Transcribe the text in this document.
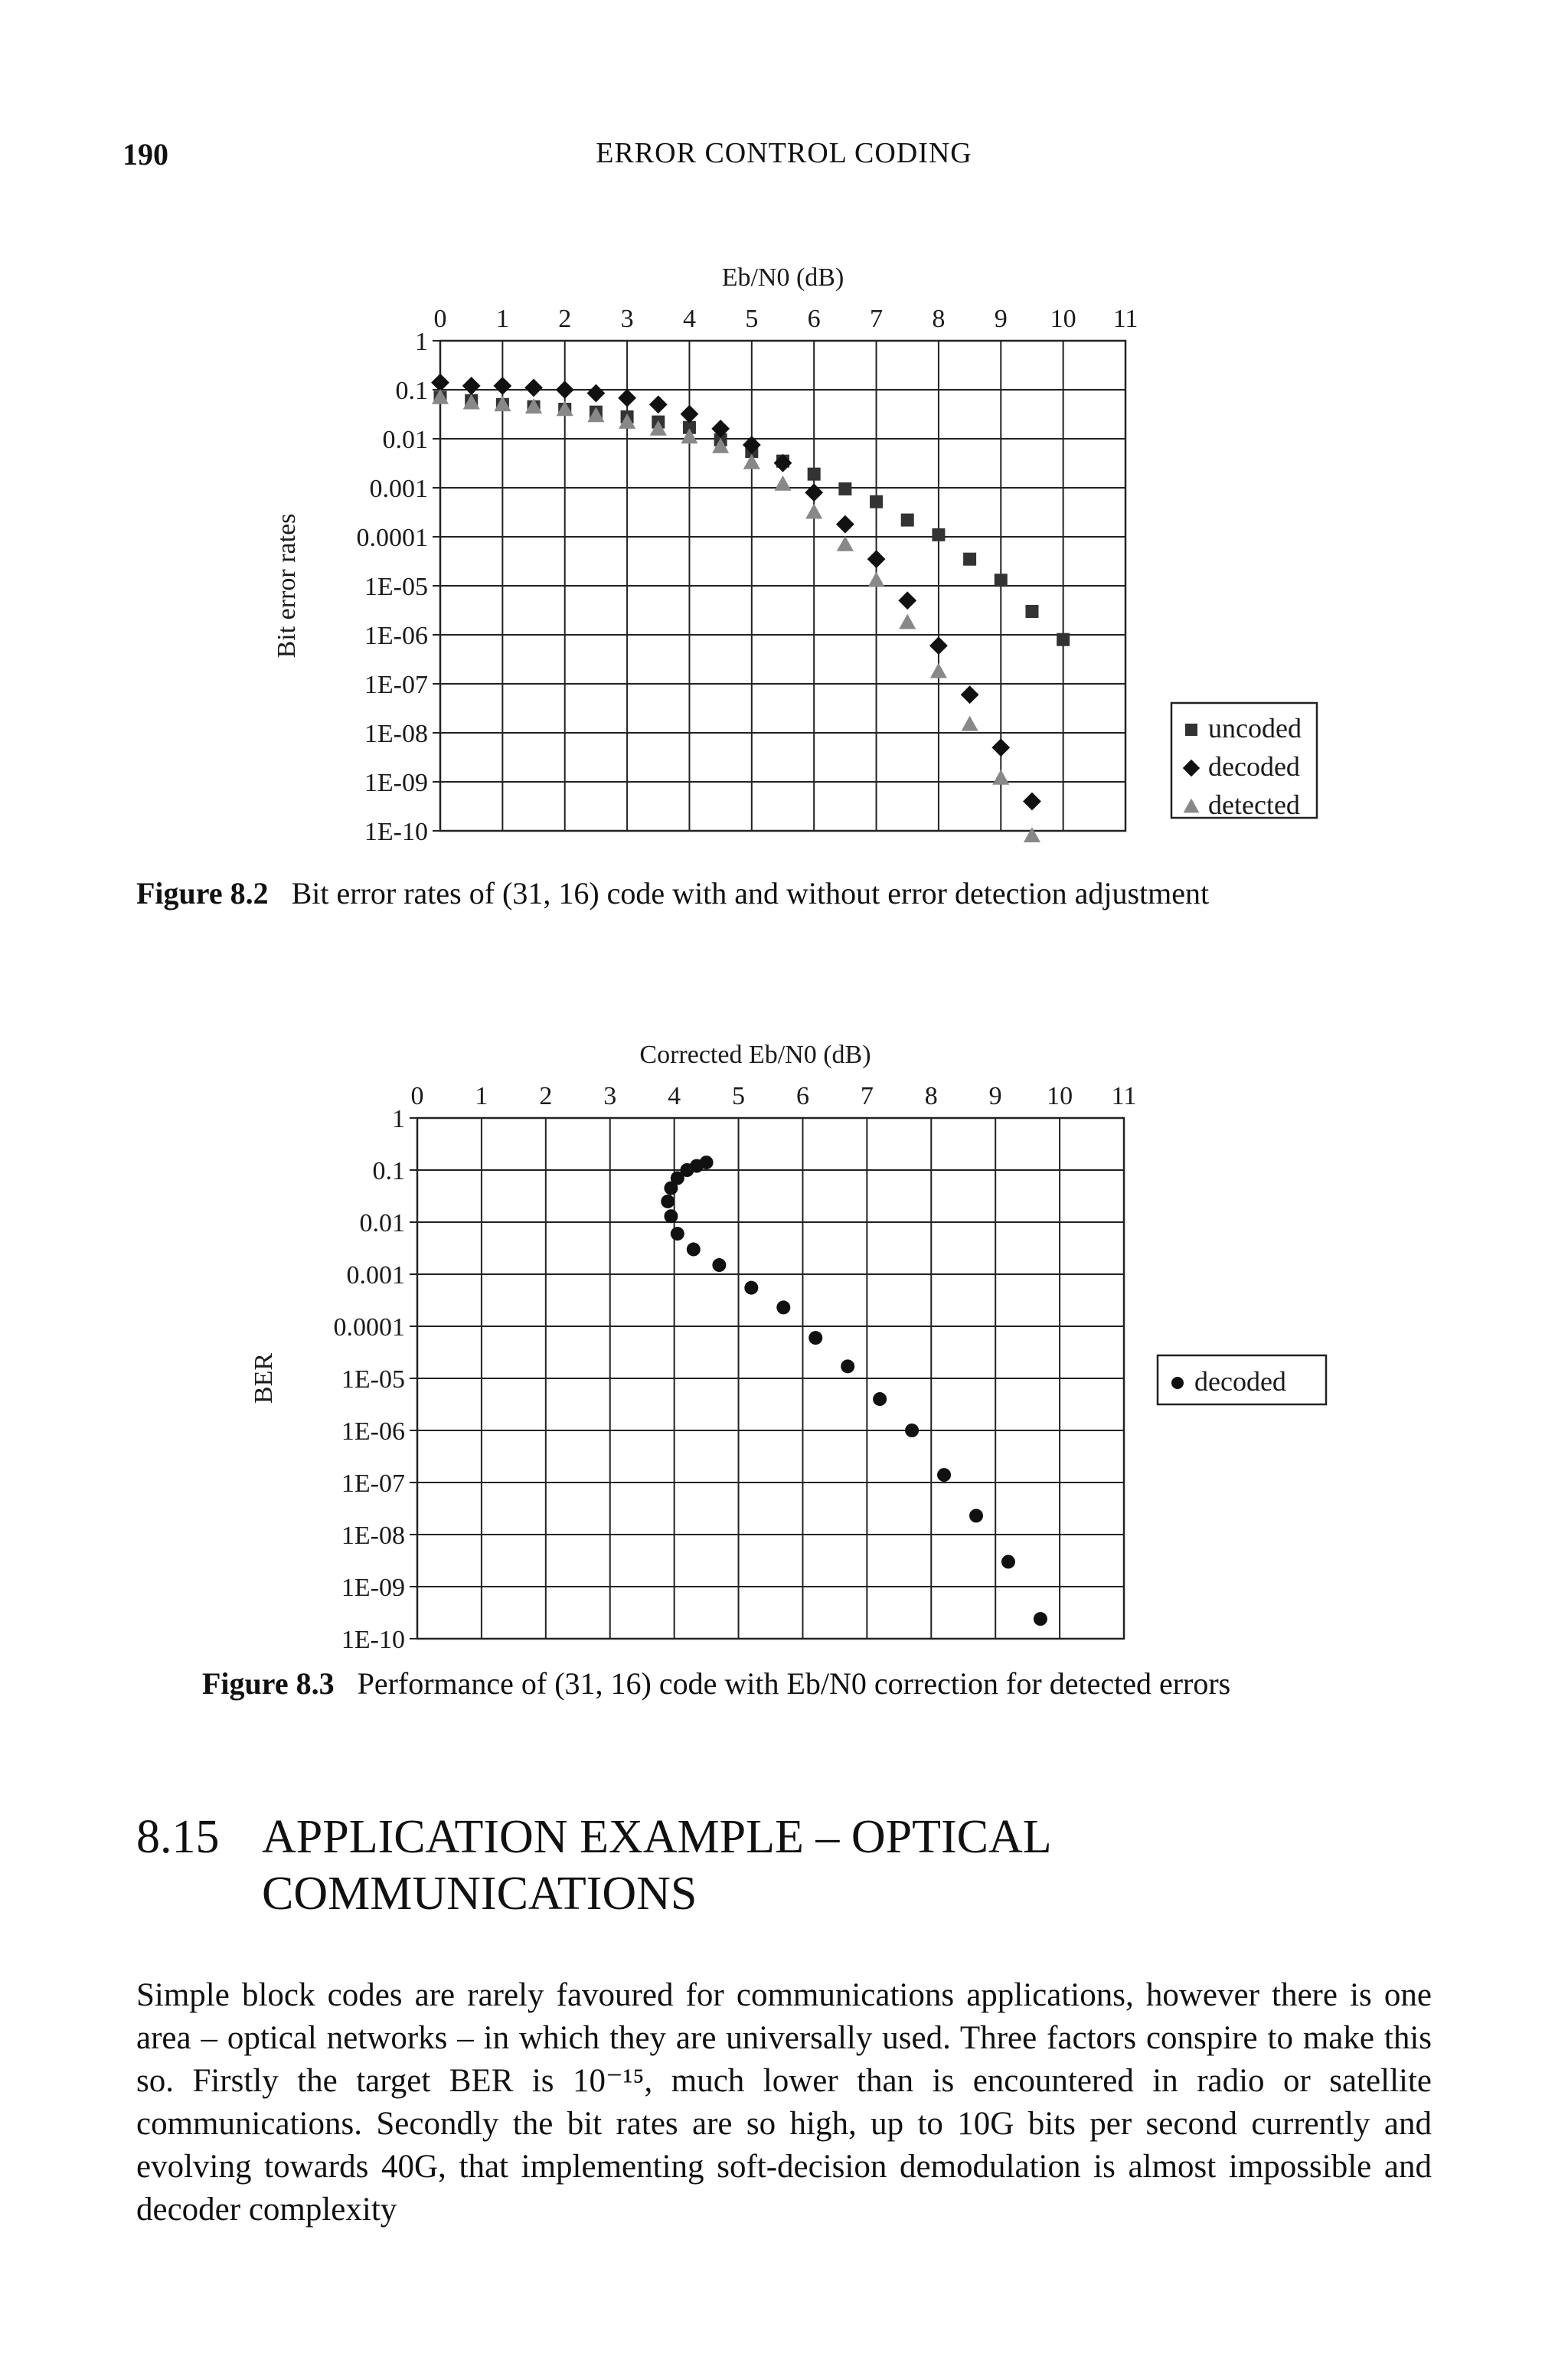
190	ERROR CONTROL CODING
0 1 2 3 4 5 6 7 8 9 10 11
1
0.1
0.01
0.001
0.0001
1E-05
1E-06
1E-07
1E-08
1E-09
1E-10
Eb/N0 (dB)
Bit error rates
uncoded
decoded
detected
Figure 8.2 Bit error rates of (31, 16) code with and without error detection adjustment
0 1 2 3 4 5 6 7 8 9 10 11
1
0.1
0.01
0.001
0.0001
1E-05
1E-06
1E-07
1E-08
1E-09
1E-10
Corrected Eb/N0 (dB)
BER	decoded
Figure 8.3 Performance of (31, 16) code with Eb/N0 correction for detected errors
8.15 APPLICATION EXAMPLE – OPTICAL
COMMUNICATIONS
Simple block codes are rarely favoured for communications applications, however there is one area – optical networks – in which they are universally used. Three factors conspire to make this so. Firstly the target BER is 10⁻¹⁵, much lower than is encountered in radio or satellite communications. Secondly the bit rates are so high, up to 10G bits per second currently and evolving towards 40G, that implementing soft-decision demodulation is almost impossible and decoder complexity
